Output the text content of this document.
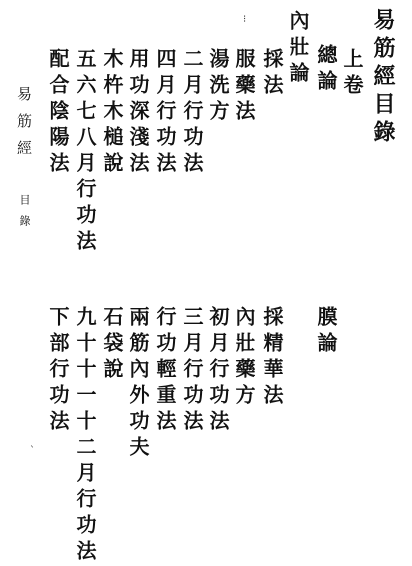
易筋經目錄
上卷
總論
內壯論
採法
服藥法
湯洗方
二月行功法
四月行功法
用功深淺法
木杵木槌說
五六七八月行功法
配合陰陽法
易筋經
目錄
⁝
ˋ
膜論
採精華法
內壯藥方
初月行功法
三月行功法
行功輕重法
兩筋內外功夫
石袋說
九十十一十二月行功法
下部行功法
